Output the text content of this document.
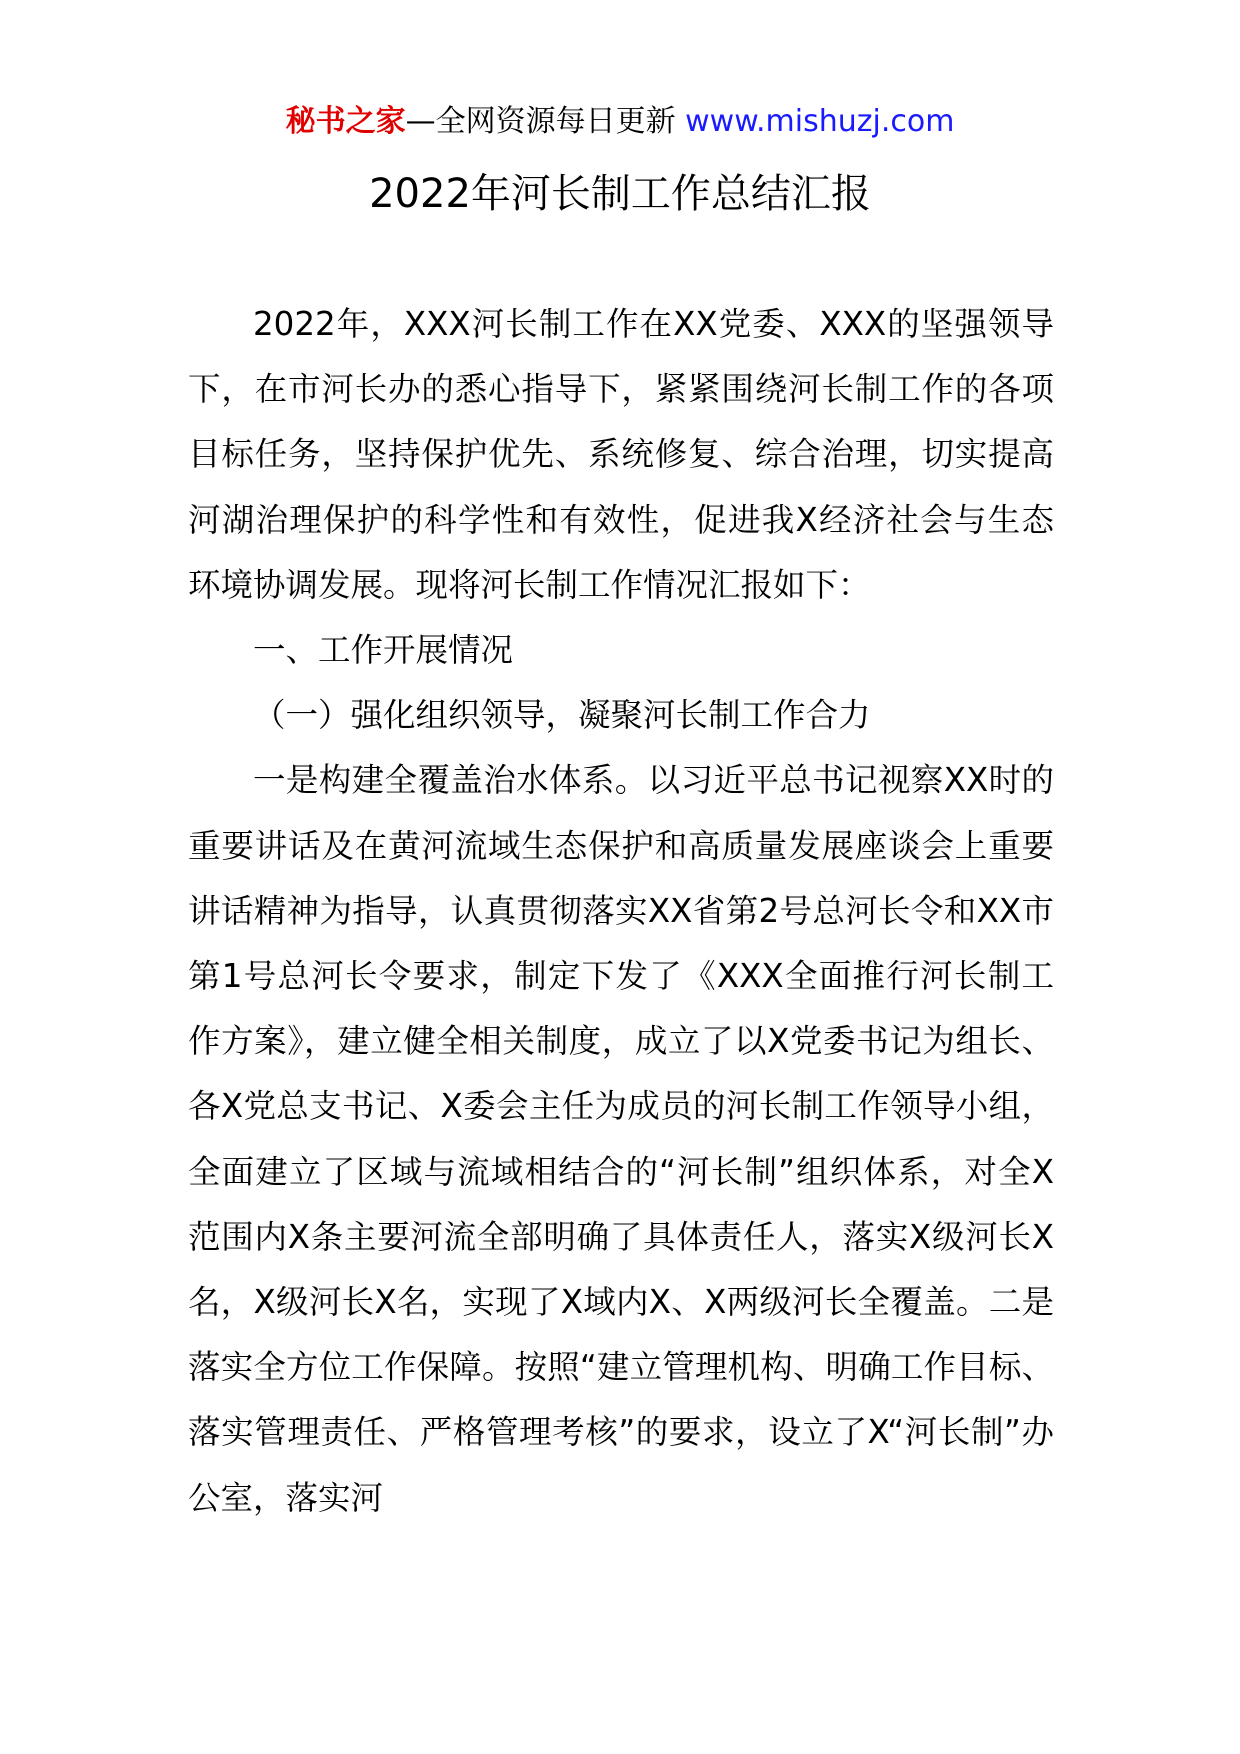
秘书之家—全网资源每日更新 www.mishuzj.com
2022年河长制工作总结汇报

2022年，XXX河长制工作在XX党委、XXX的坚强领导下，在市河长办的悉心指导下，紧紧围绕河长制工作的各项目标任务，坚持保护优先、系统修复、综合治理，切实提高河湖治理保护的科学性和有效性，促进我X经济社会与生态环境协调发展。现将河长制工作情况汇报如下：

一、工作开展情况

（一）强化组织领导，凝聚河长制工作合力

一是构建全覆盖治水体系。以习近平总书记视察XX时的重要讲话及在黄河流域生态保护和高质量发展座谈会上重要讲话精神为指导，认真贯彻落实XX省第2号总河长令和XX市第1号总河长令要求，制定下发了《XXX全面推行河长制工作方案》，建立健全相关制度，成立了以X党委书记为组长、各X党总支书记、X委会主任为成员的河长制工作领导小组，全面建立了区域与流域相结合的“河长制”组织体系，对全X范围内X条主要河流全部明确了具体责任人，落实X级河长X名，X级河长X名，实现了X域内X、X两级河长全覆盖。二是落实全方位工作保障。按照“建立管理机构、明确工作目标、落实管理责任、严格管理考核”的要求，设立了X“河长制”办公室，落实河
